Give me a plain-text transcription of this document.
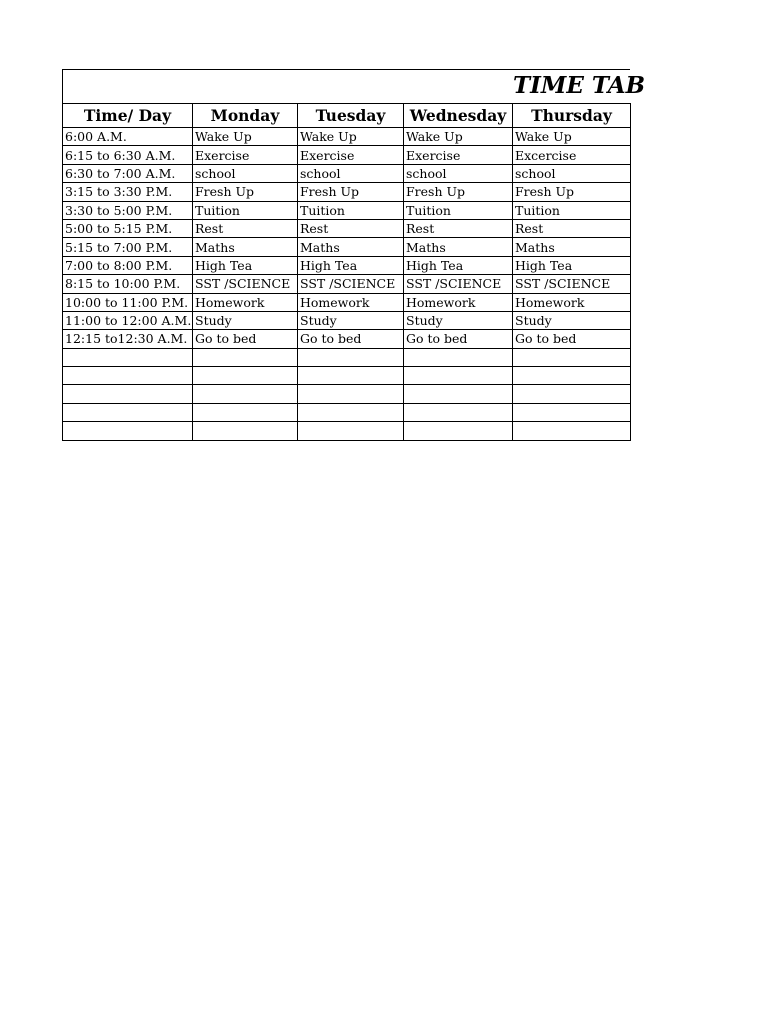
TIME TAB
Time/ Day	Monday	Tuesday	Wednesday	Thursday
6:00 A.M.	Wake Up	Wake Up	Wake Up	Wake Up
6:15 to 6:30 A.M.	Exercise	Exercise	Exercise	Excercise
6:30 to 7:00 A.M.	school	school	school	school
3:15 to 3:30 P.M.	Fresh Up	Fresh Up	Fresh Up	Fresh Up
3:30 to 5:00 P.M.	Tuition	Tuition	Tuition	Tuition
5:00 to 5:15 P.M.	Rest	Rest	Rest	Rest
5:15 to 7:00 P.M.	Maths	Maths	Maths	Maths
7:00 to 8:00 P.M.	High Tea	High Tea	High Tea	High Tea
8:15 to 10:00 P.M.	SST /SCIENCE	SST /SCIENCE	SST /SCIENCE	SST /SCIENCE
10:00 to 11:00 P.M.	Homework	Homework	Homework	Homework
11:00 to 12:00 A.M.	Study	Study	Study	Study
12:15 to12:30 A.M.	Go to bed	Go to bed	Go to bed	Go to bed
